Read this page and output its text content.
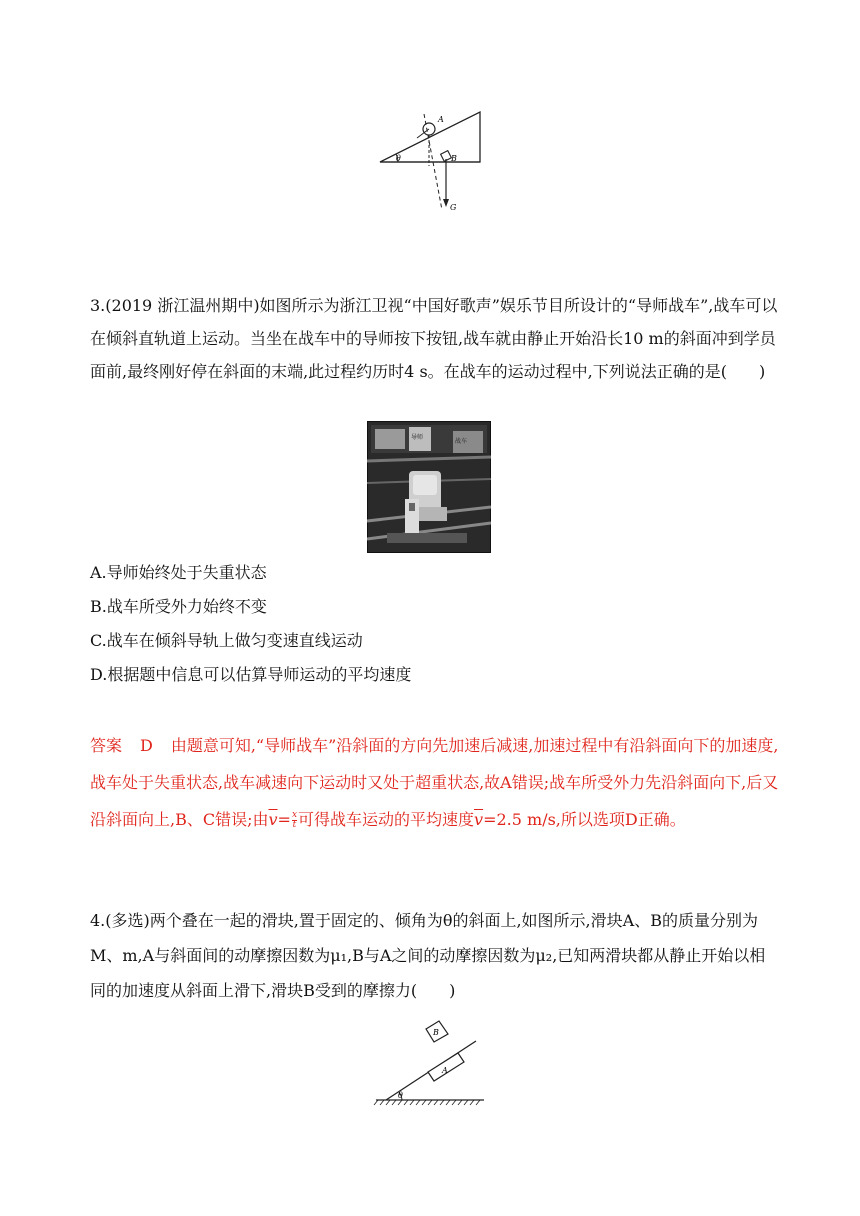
θ
A
B
G
3.(2019 浙江温州期中)如图所示为浙江卫视“中国好歌声”娱乐节目所设计的“导师战车”,战车可以在倾斜直轨道上运动。当坐在战车中的导师按下按钮,战车就由静止开始沿长10 m的斜面冲到学员面前,最终刚好停在斜面的末端,此过程约历时4 s。在战车的运动过程中,下列说法正确的是(　　)
导师
战车
A.导师始终处于失重状态
B.战车所受外力始终不变
C.战车在倾斜导轨上做匀变速直线运动
D.根据题中信息可以估算导师运动的平均速度
答案 D 由题意可知,“导师战车”沿斜面的方向先加速后减速,加速过程中有沿斜面向下的加速度,战车处于失重状态,战车减速向下运动时又处于超重状态,故A错误;战车所受外力先沿斜面向下,后又沿斜面向上,B、C错误;由$\overline{v}= \frac{x}{t}$ 可得战车运动的平均速度$\overline{v}=2.5$ m/s,所以选项D正确。
4.(多选)两个叠在一起的滑块,置于固定的、倾角为θ的斜面上,如图所示,滑块A、B的质量分别为M、m,A与斜面间的动摩擦因数为μ₁,B与A之间的动摩擦因数为μ₂,已知两滑块都从静止开始以相同的加速度从斜面上滑下,滑块B受到的摩擦力(　　)
θ
A
B
